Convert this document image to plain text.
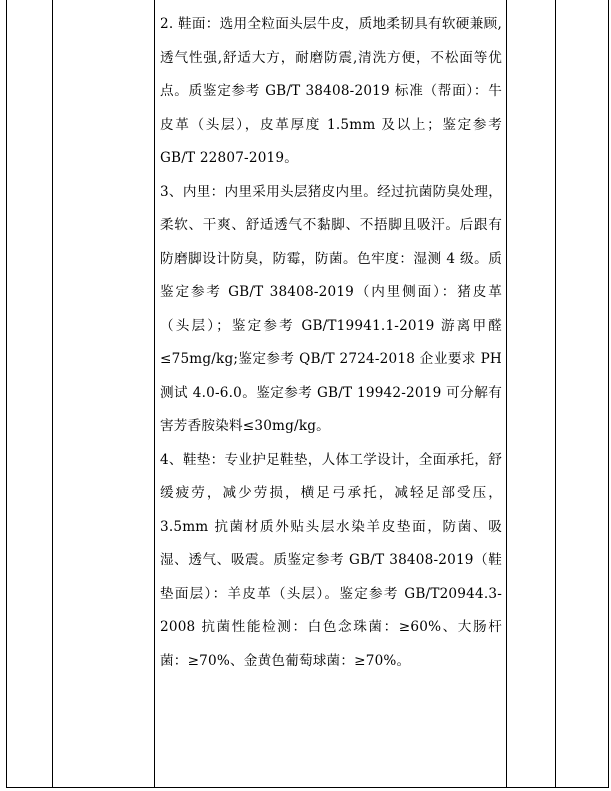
2. 鞋面：选用全粒面头层牛皮，质地柔韧具有软硬兼顾,透气性强,舒适大方，耐磨防震,清洗方便，不松面等优点。质鉴定参考 GB/T 38408-2019 标准（帮面）：牛皮革（头层），皮革厚度 1.5mm 及以上；鉴定参考 GB/T 22807-2019。

3、内里：内里采用头层猪皮内里。经过抗菌防臭处理，柔软、干爽、舒适透气不黏脚、不捂脚且吸汗。后跟有防磨脚设计防臭，防霉，防菌。色牢度：湿测 4 级。质鉴定参考 GB/T 38408-2019（内里侧面）：猪皮革（头层）；鉴定参考 GB/T19941.1-2019 游离甲醛≤75mg/kg;鉴定参考 QB/T 2724-2018 企业要求 PH 测试 4.0-6.0。鉴定参考 GB/T 19942-2019 可分解有害芳香胺染料≤30mg/kg。

4、鞋垫：专业护足鞋垫，人体工学设计，全面承托，舒缓疲劳，减少劳损，横足弓承托，减轻足部受压，3.5mm 抗菌材质外贴头层水染羊皮垫面，防菌、吸湿、透气、吸震。质鉴定参考 GB/T 38408-2019（鞋垫面层）：羊皮革（头层）。鉴定参考 GB/T20944.3-2008 抗菌性能检测：白色念珠菌：≥60%、大肠杆菌：≥70%、金黄色葡萄球菌：≥70%。
